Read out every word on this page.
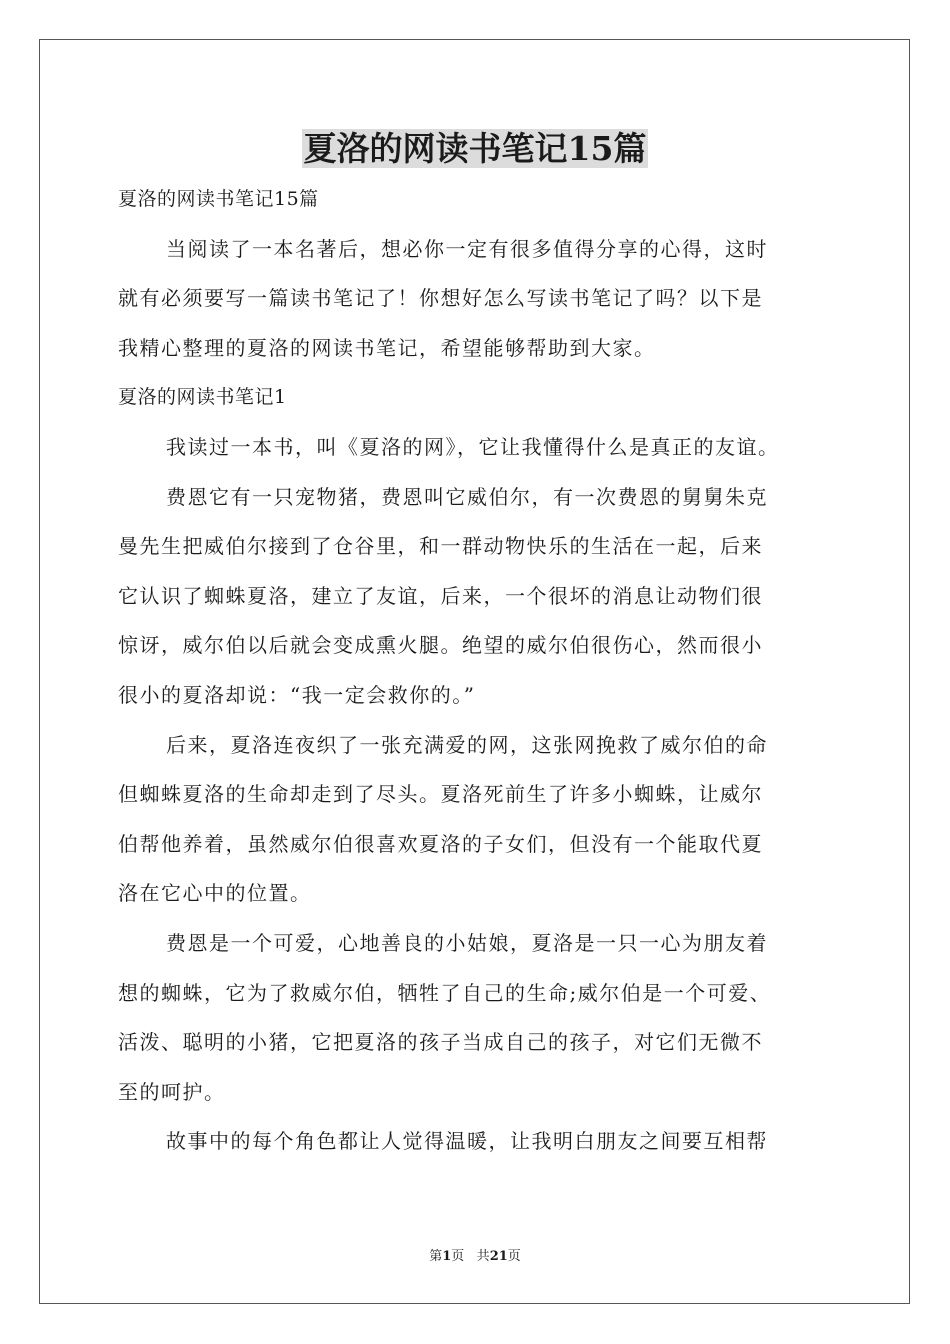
夏洛的网读书笔记15篇
夏洛的网读书笔记15篇
当阅读了一本名著后，想必你一定有很多值得分享的心得，这时
就有必须要写一篇读书笔记了！你想好怎么写读书笔记了吗？以下是
我精心整理的夏洛的网读书笔记，希望能够帮助到大家。
夏洛的网读书笔记1
我读过一本书，叫《夏洛的网》，它让我懂得什么是真正的友谊。
费恩它有一只宠物猪，费恩叫它威伯尔，有一次费恩的舅舅朱克
曼先生把威伯尔接到了仓谷里，和一群动物快乐的生活在一起，后来
它认识了蜘蛛夏洛，建立了友谊，后来，一个很坏的消息让动物们很
惊讶，威尔伯以后就会变成熏火腿。绝望的威尔伯很伤心，然而很小
很小的夏洛却说：“我一定会救你的。”
后来，夏洛连夜织了一张充满爱的网，这张网挽救了威尔伯的命
但蜘蛛夏洛的生命却走到了尽头。夏洛死前生了许多小蜘蛛，让威尔
伯帮他养着，虽然威尔伯很喜欢夏洛的子女们，但没有一个能取代夏
洛在它心中的位置。
费恩是一个可爱，心地善良的小姑娘，夏洛是一只一心为朋友着
想的蜘蛛，它为了救威尔伯，牺牲了自己的生命;威尔伯是一个可爱、
活泼、聪明的小猪，它把夏洛的孩子当成自己的孩子，对它们无微不
至的呵护。
故事中的每个角色都让人觉得温暖，让我明白朋友之间要互相帮
第1页 共21页
